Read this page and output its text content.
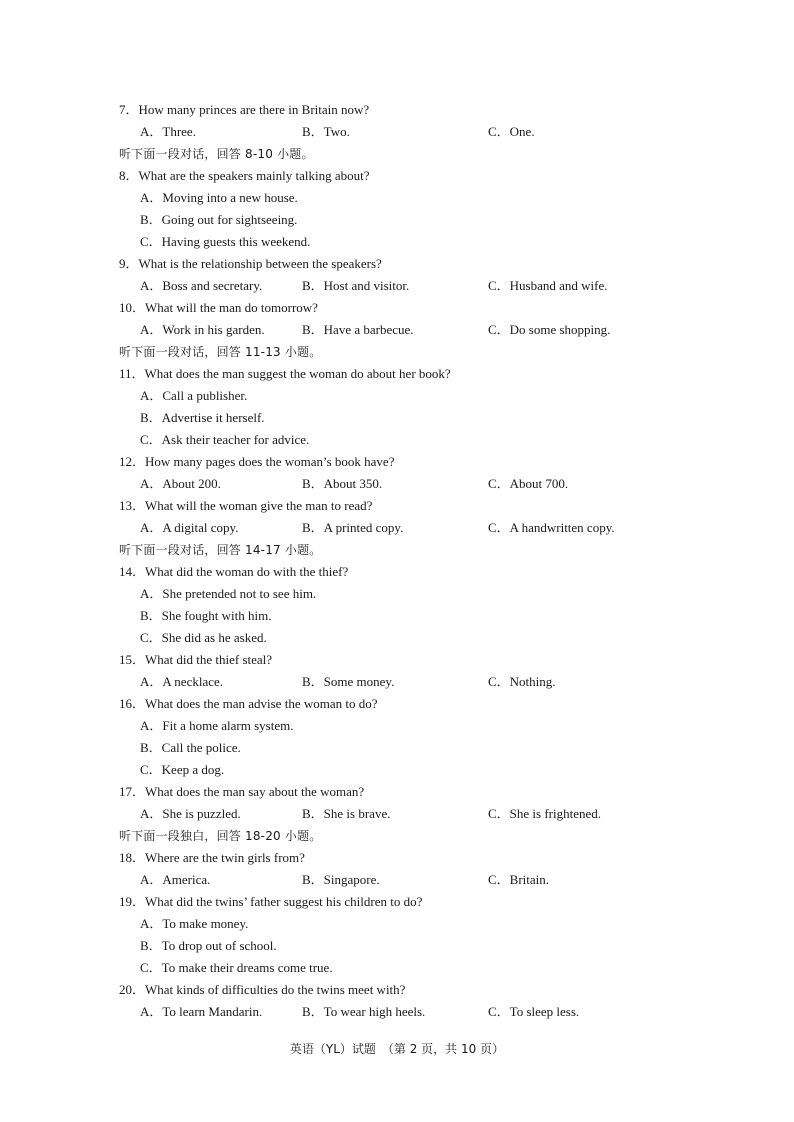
7．How many princes are there in Britain now?
A．Three.	B．Two.	C．One.
听下面一段对话，回答 8-10 小题。
8．What are the speakers mainly talking about?
A．Moving into a new house.
B．Going out for sightseeing.
C．Having guests this weekend.
9．What is the relationship between the speakers?
A．Boss and secretary.	B．Host and visitor.	C．Husband and wife.
10．What will the man do tomorrow?
A．Work in his garden.	B．Have a barbecue.	C．Do some shopping.
听下面一段对话，回答 11-13 小题。
11．What does the man suggest the woman do about her book?
A．Call a publisher.
B．Advertise it herself.
C．Ask their teacher for advice.
12．How many pages does the woman’s book have?
A．About 200.	B．About 350.	C．About 700.
13．What will the woman give the man to read?
A．A digital copy.	B．A printed copy.	C．A handwritten copy.
听下面一段对话，回答 14-17 小题。
14．What did the woman do with the thief?
A．She pretended not to see him.
B．She fought with him.
C．She did as he asked.
15．What did the thief steal?
A．A necklace.	B．Some money.	C．Nothing.
16．What does the man advise the woman to do?
A．Fit a home alarm system.
B．Call the police.
C．Keep a dog.
17．What does the man say about the woman?
A．She is puzzled.	B．She is brave.	C．She is frightened.
听下面一段独白，回答 18-20 小题。
18．Where are the twin girls from?
A．America.	B．Singapore.	C．Britain.
19．What did the twins’ father suggest his children to do?
A．To make money.
B．To drop out of school.
C．To make their dreams come true.
20．What kinds of difficulties do the twins meet with?
A．To learn Mandarin.	B．To wear high heels.	C．To sleep less.
英语（YL）试题　（第 2 页，共 10 页）
